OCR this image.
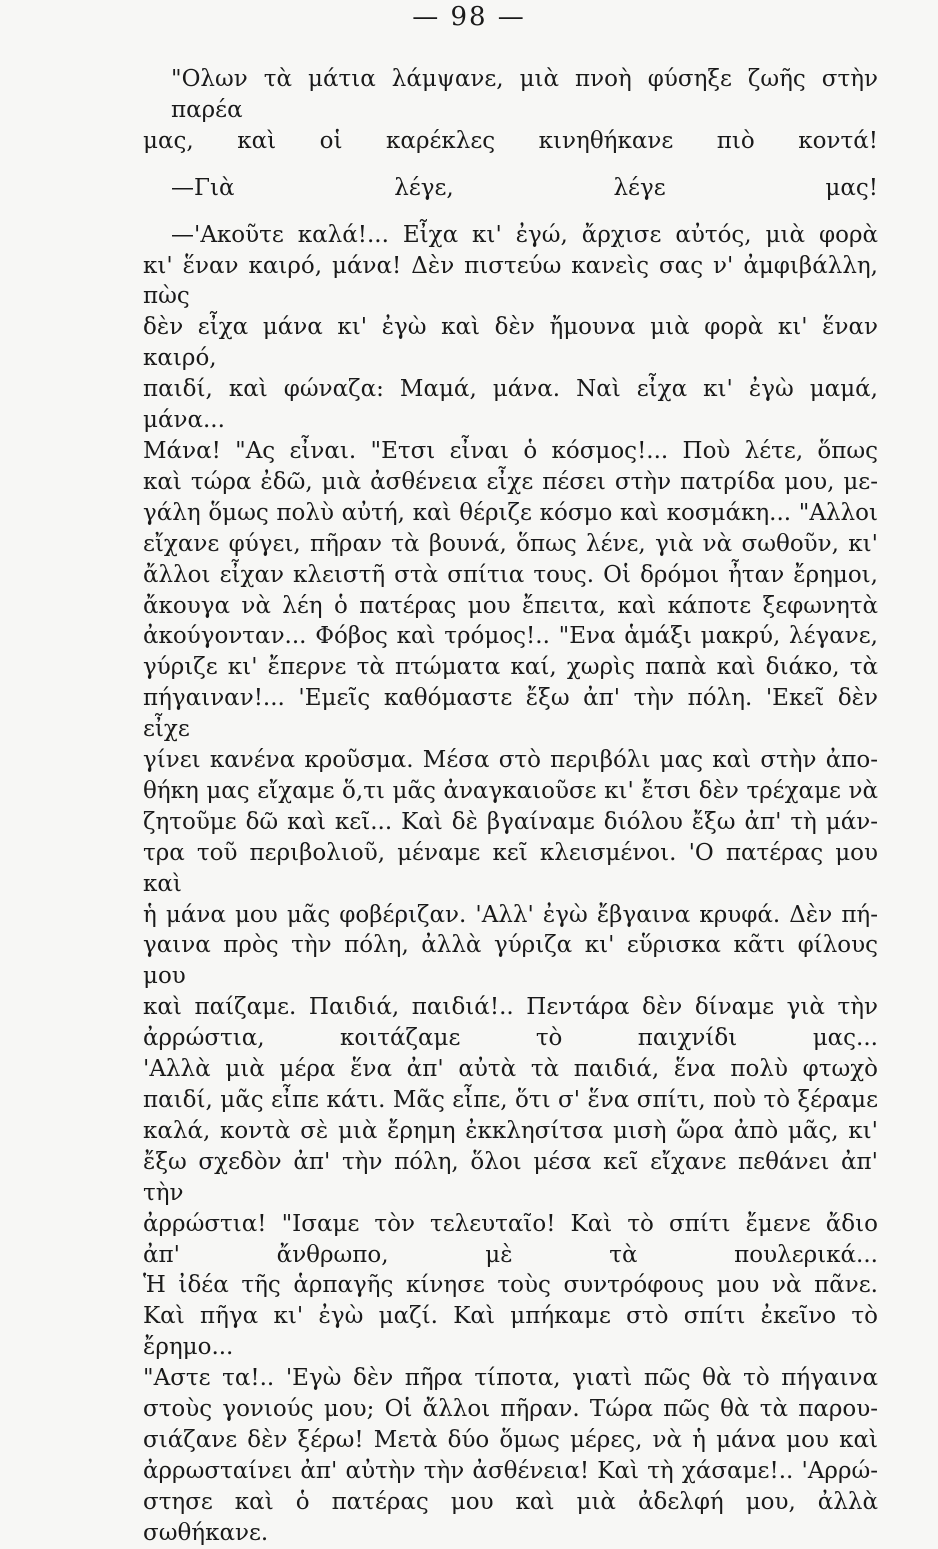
— 98 —
"Ολων τὰ μάτια λάμψανε, μιὰ πνοὴ φύσηξε ζωῆς στὴν παρέα
μας, καὶ οἱ καρέκλες κινηθήκανε πιὸ κοντά!
—Γιὰ λέγε, λέγε μας!
—'Ακοῦτε καλά!... Εἶχα κι' ἐγώ, ἄρχισε αὐτός, μιὰ φορὰ
κι' ἕναν καιρό, μάνα! Δὲν πιστεύω κανεὶς σας ν' ἀμφιβάλλη, πὼς
δὲν εἶχα μάνα κι' ἐγὼ καὶ δὲν ἤμουνα μιὰ φορὰ κι' ἕναν καιρό,
παιδί, καὶ φώναζα: Μαμά, μάνα. Ναὶ εἶχα κι' ἐγὼ μαμά, μάνα...
Μάνα! "Ας εἶναι. "Ετσι εἶναι ὁ κόσμος!... Ποὺ λέτε, ὅπως
καὶ τώρα ἐδῶ, μιὰ ἀσθένεια εἶχε πέσει στὴν πατρίδα μου, με-
γάλη ὅμως πολὺ αὐτή, καὶ θέριζε κόσμο καὶ κοσμάκη... "Αλλοι
εἴχανε φύγει, πῆραν τὰ βουνά, ὅπως λένε, γιὰ νὰ σωθοῦν, κι'
ἄλλοι εἶχαν κλειστῆ στὰ σπίτια τους. Οἱ δρόμοι ἦταν ἔρημοι,
ἄκουγα νὰ λέη ὁ πατέρας μου ἔπειτα, καὶ κάποτε ξεφωνητὰ
ἀκούγονταν... Φόβος καὶ τρόμος!.. "Ενα ἁμάξι μακρύ, λέγανε,
γύριζε κι' ἔπερνε τὰ πτώματα καί, χωρὶς παπὰ καὶ διάκο, τὰ
πήγαιναν!... 'Εμεῖς καθόμαστε ἔξω ἀπ' τὴν πόλη. 'Εκεῖ δὲν εἶχε
γίνει κανένα κροῦσμα. Μέσα στὸ περιβόλι μας καὶ στὴν ἀπο-
θήκη μας εἴχαμε ὅ,τι μᾶς ἀναγκαιοῦσε κι' ἔτσι δὲν τρέχαμε νὰ
ζητοῦμε δῶ καὶ κεῖ... Καὶ δὲ βγαίναμε διόλου ἔξω ἀπ' τὴ μάν-
τρα τοῦ περιβολιοῦ, μέναμε κεῖ κλεισμένοι. 'Ο πατέρας μου καὶ
ἡ μάνα μου μᾶς φοβέριζαν. 'Αλλ' ἐγὼ ἔβγαινα κρυφά. Δὲν πή-
γαινα πρὸς τὴν πόλη, ἀλλὰ γύριζα κι' εὕρισκα κᾶτι φίλους μου
καὶ παίζαμε. Παιδιά, παιδιά!.. Πεντάρα δὲν δίναμε γιὰ τὴν
ἀρρώστια, κοιτάζαμε τὸ παιχνίδι μας...
'Αλλὰ μιὰ μέρα ἕνα ἀπ' αὐτὰ τὰ παιδιά, ἕνα πολὺ φτωχὸ
παιδί, μᾶς εἶπε κάτι. Μᾶς εἶπε, ὅτι σ' ἕνα σπίτι, ποὺ τὸ ξέραμε
καλά, κοντὰ σὲ μιὰ ἔρημη ἐκκλησίτσα μισὴ ὥρα ἀπὸ μᾶς, κι'
ἔξω σχεδὸν ἀπ' τὴν πόλη, ὅλοι μέσα κεῖ εἴχανε πεθάνει ἀπ' τὴν
ἀρρώστια! "Ισαμε τὸν τελευταῖο! Καὶ τὸ σπίτι ἔμενε ἄδιο
ἀπ' ἄνθρωπο, μὲ τὰ πουλερικά...
Ἡ ἰδέα τῆς ἁρπαγῆς κίνησε τοὺς συντρόφους μου νὰ πᾶνε.
Καὶ πῆγα κι' ἐγὼ μαζί. Καὶ μπήκαμε στὸ σπίτι ἐκεῖνο τὸ ἔρημο...
"Αστε τα!.. 'Εγὼ δὲν πῆρα τίποτα, γιατὶ πῶς θὰ τὸ πήγαινα
στοὺς γονιούς μου; Οἱ ἄλλοι πῆραν. Τώρα πῶς θὰ τὰ παρου-
σιάζανε δὲν ξέρω! Μετὰ δύο ὅμως μέρες, νὰ ἡ μάνα μου καὶ
ἀρρωσταίνει ἀπ' αὐτὴν τὴν ἀσθένεια! Καὶ τὴ χάσαμε!.. 'Αρρώ-
στησε καὶ ὁ πατέρας μου καὶ μιὰ ἀδελφή μου, ἀλλὰ σωθήκανε.
